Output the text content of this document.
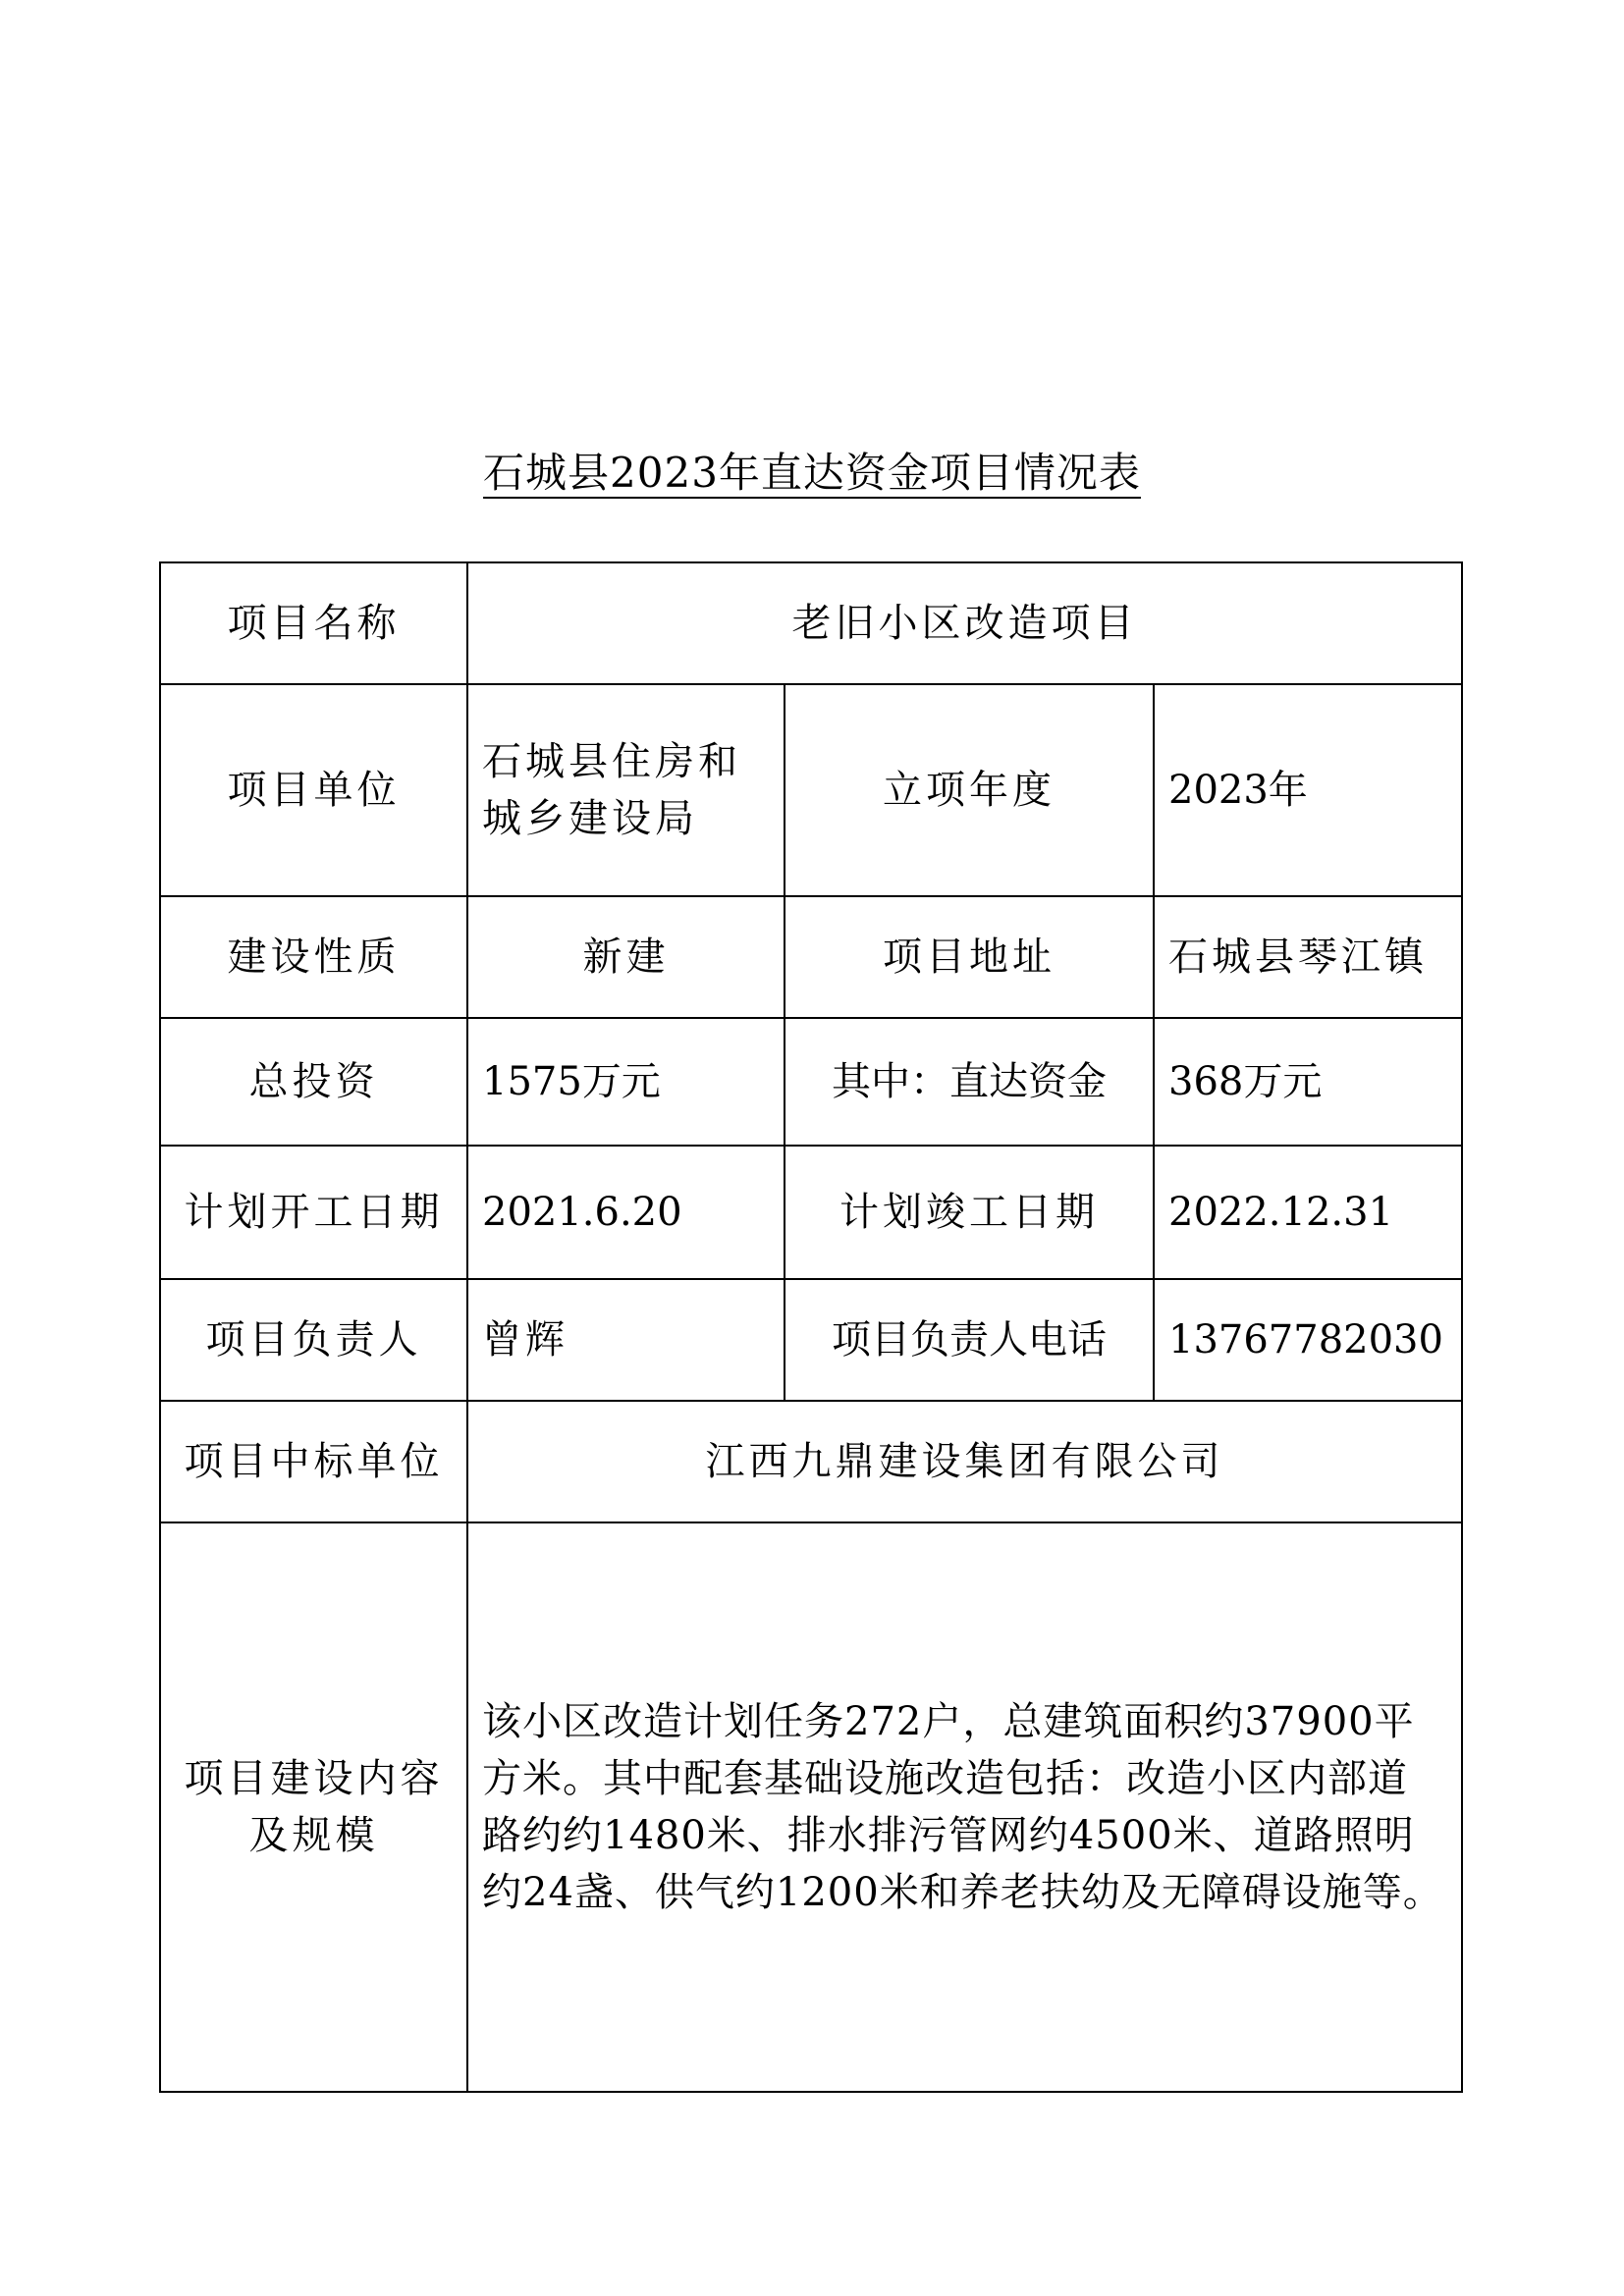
石城县2023年直达资金项目情况表
项目名称	老旧小区改造项目		
项目单位	石城县住房和城乡建设局	立项年度	2023年
建设性质	新建	项目地址	石城县琴江镇
总投资	1575万元	其中：直达资金	368万元
计划开工日期	2021.6.20	计划竣工日期	2022.12.31
项目负责人	曾辉	项目负责人电话	13767782030
项目中标单位	江西九鼎建设集团有限公司		
项目建设内容及规模	该小区改造计划任务272户，总建筑面积约37900平方米。其中配套基础设施改造包括：改造小区内部道路约约1480米、排水排污管网约4500米、道路照明约24盏、供气约1200米和养老扶幼及无障碍设施等。		
